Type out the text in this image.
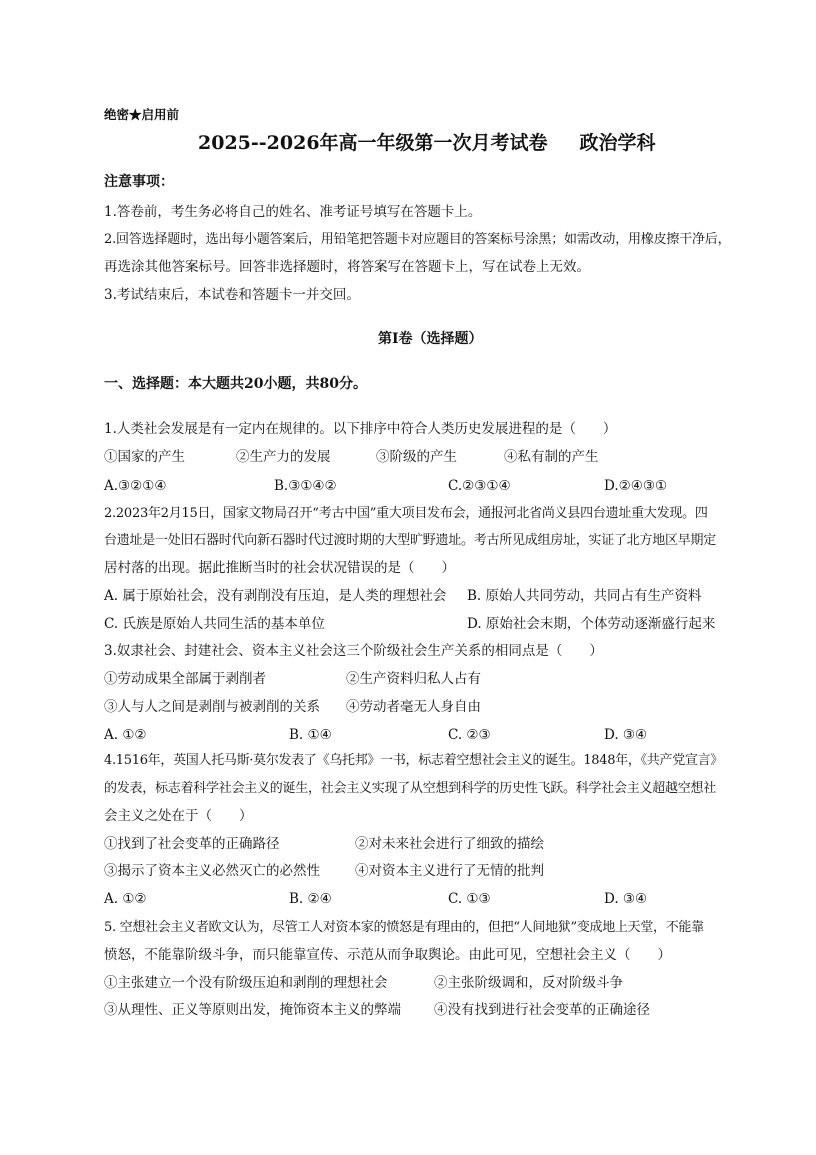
绝密★启用前
2025--2026年高一年级第一次月考试卷 政治学科
注意事项：
1.答卷前，考生务必将自己的姓名、准考证号填写在答题卡上。
2.回答选择题时，选出每小题答案后，用铅笔把答题卡对应题目的答案标号涂黑；如需改动，用橡皮擦干净后，
再选涂其他答案标号。回答非选择题时，将答案写在答题卡上，写在试卷上无效。
3.考试结束后，本试卷和答题卡一并交回。
第Ⅰ卷（选择题）
一、选择题：本大题共20小题，共80分。
1.人类社会发展是有一定内在规律的。以下排序中符合人类历史发展进程的是（　　）
①国家的产生	②生产力的发展	③阶级的产生	④私有制的产生
A.③②①④	B.③①④②	C.②③①④	D.②④③①
2.2023年2月15日，国家文物局召开“考古中国”重大项目发布会，通报河北省尚义县四台遗址重大发现。四
台遗址是一处旧石器时代向新石器时代过渡时期的大型旷野遗址。考古所见成组房址，实证了北方地区早期定
居村落的出现。据此推断当时的社会状况错误的是（　　）
A. 属于原始社会，没有剥削没有压迫，是人类的理想社会 B. 原始人共同劳动，共同占有生产资料
C. 氏族是原始人共同生活的基本单位	D. 原始社会末期，个体劳动逐渐盛行起来
3.奴隶社会、封建社会、资本主义社会这三个阶级社会生产关系的相同点是（　　）
①劳动成果全部属于剥削者	②生产资料归私人占有
③人与人之间是剥削与被剥削的关系 ④劳动者毫无人身自由
A. ①②	B. ①④	C. ②③	D. ③④
4.1516年，英国人托马斯·莫尔发表了《乌托邦》一书，标志着空想社会主义的诞生。1848年，《共产党宣言》
的发表，标志着科学社会主义的诞生，社会主义实现了从空想到科学的历史性飞跃。科学社会主义超越空想社
会主义之处在于（　　）
①找到了社会变革的正确路径	②对未来社会进行了细致的描绘
③揭示了资本主义必然灭亡的必然性	④对资本主义进行了无情的批判
A. ①②	B. ②④	C. ①③	D. ③④
5. 空想社会主义者欧文认为，尽管工人对资本家的愤怒是有理由的，但把“人间地狱”变成地上天堂，不能靠
愤怒，不能靠阶级斗争，而只能靠宣传、示范从而争取舆论。由此可见，空想社会主义（　　）
①主张建立一个没有阶级压迫和剥削的理想社会	②主张阶级调和，反对阶级斗争
③从理性、正义等原则出发，掩饰资本主义的弊端 ④没有找到进行社会变革的正确途径
